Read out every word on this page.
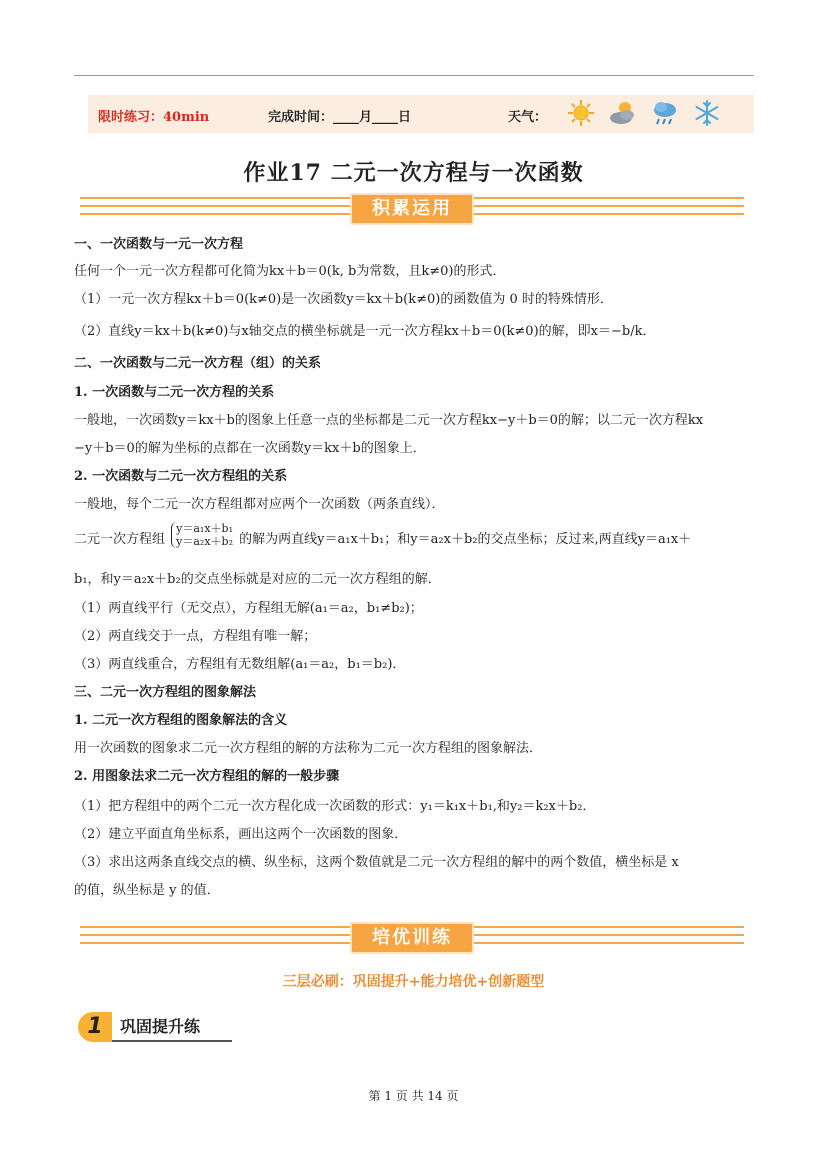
限时练习：40min	完成时间：____月____日	天气：
作业17 二元一次方程与一次函数
积累运用
一、一次函数与一元一次方程
任何一个一元一次方程都可化简为kx＋b＝0(k, b为常数，且k≠0)的形式．
（1）一元一次方程kx＋b＝0(k≠0)是一次函数y＝kx＋b(k≠0)的函数值为 0 时的特殊情形．
（2）直线y＝kx＋b(k≠0)与x轴交点的横坐标就是一元一次方程kx＋b＝0(k≠0)的解，即x＝−b/k．
二、一次函数与二元一次方程（组）的关系
1. 一次函数与二元一次方程的关系
一般地，一次函数y＝kx＋b的图象上任意一点的坐标都是二元一次方程kx−y＋b＝0的解；以二元一次方程kx
−y＋b＝0的解为坐标的点都在一次函数y＝kx＋b的图象上．
2. 一次函数与二元一次方程组的关系
一般地，每个二元一次方程组都对应两个一次函数（两条直线）．
二元一次方程组
y＝a₁x＋b₁
y＝a₂x＋b₂ 的解为两直线y＝a₁x＋b₁；和y＝a₂x＋b₂的交点坐标；反过来,两直线y＝a₁x＋
b₁，和y＝a₂x＋b₂的交点坐标就是对应的二元一次方程组的解．
（1）两直线平行（无交点），方程组无解(a₁＝a₂，b₁≠b₂)；
（2）两直线交于一点，方程组有唯一解；
（3）两直线重合，方程组有无数组解(a₁＝a₂，b₁＝b₂)．
三、二元一次方程组的图象解法
1. 二元一次方程组的图象解法的含义
用一次函数的图象求二元一次方程组的解的方法称为二元一次方程组的图象解法．
2. 用图象法求二元一次方程组的解的一般步骤
（1）把方程组中的两个二元一次方程化成一次函数的形式：y₁＝k₁x＋b₁,和y₂＝k₂x＋b₂．
（2）建立平面直角坐标系，画出这两个一次函数的图象．
（3）求出这两条直线交点的横、纵坐标，这两个数值就是二元一次方程组的解中的两个数值，横坐标是 x
的值，纵坐标是 y 的值．
培优训练
三层必刷：巩固提升+能力培优+创新题型
1	巩固提升练
第 1 页 共 14 页
